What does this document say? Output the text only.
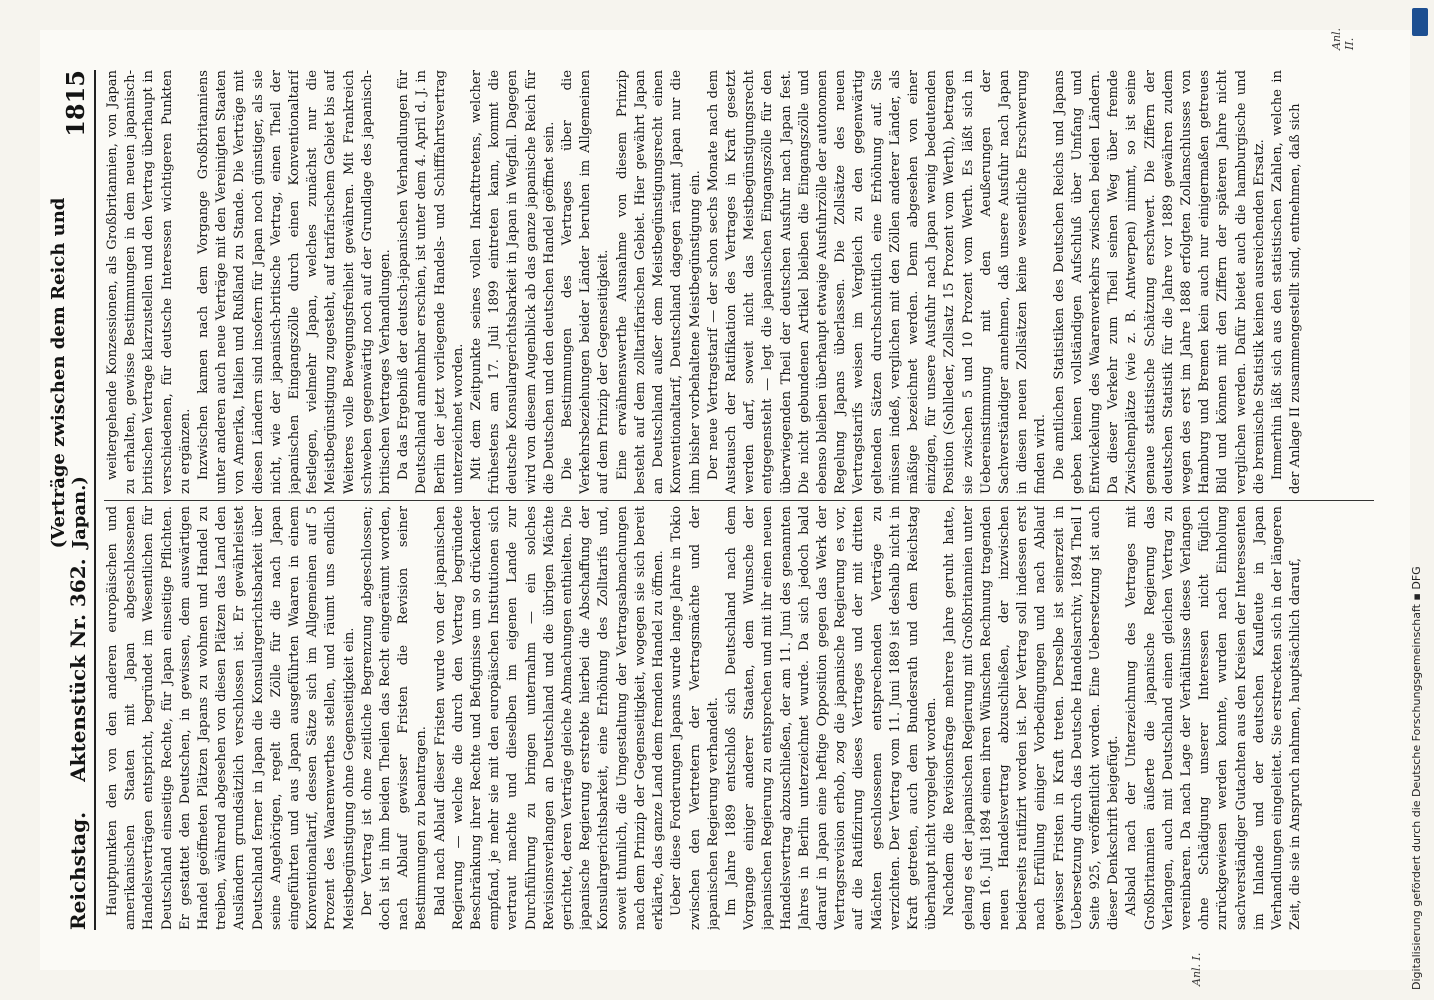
Reichstag.
Aktenstück Nr. 362.
(Verträge zwischen dem Reich und Japan.)
1815

Hauptpunkten den von den anderen europäischen und amerikanischen Staaten mit Japan abgeschlossenen Handelsverträgen entspricht, begründet im Wesentlichen für Deutschland einseitige Rechte, für Japan einseitige Pflichten. Er gestattet den Deutschen, in gewissen, dem auswärtigen Handel geöffneten Plätzen Japans zu wohnen und Handel zu treiben, während abgesehen von diesen Plätzen das Land den Ausländern grundsätzlich verschlossen ist. Er gewährleistet Deutschland ferner in Japan die Konsulargerichtsbarkeit über seine Angehörigen, regelt die Zölle für die nach Japan eingeführten und aus Japan ausgeführten Waaren in einem Konventionaltarif, dessen Sätze sich im Allgemeinen auf 5 Prozent des Waarenwerthes stellen, und räumt uns endlich Meistbegünstigung ohne Gegenseitigkeit ein. Der Vertrag ist ohne zeitliche Begrenzung abgeschlossen; doch ist in ihm beiden Theilen das Recht eingeräumt worden, nach Ablauf gewisser Fristen die Revision seiner Bestimmungen zu beantragen. Bald nach Ablauf dieser Fristen wurde von der japanischen Regierung — welche die durch den Vertrag begründete Beschränkung ihrer Rechte und Befugnisse um so drückender empfand, je mehr sie mit den europäischen Institutionen sich vertraut machte und dieselben im eigenen Lande zur Durchführung zu bringen unternahm — ein solches Revisionsverlangen an Deutschland und die übrigen Mächte gerichtet, deren Verträge gleiche Abmachungen enthielten. Die japanische Regierung erstrebte hierbei die Abschaffung der Konsulargerichtsbarkeit, eine Erhöhung des Zolltarifs und, soweit thunlich, die Umgestaltung der Vertragsabmachungen nach dem Prinzip der Gegenseitigkeit, wogegen sie sich bereit erklärte, das ganze Land dem fremden Handel zu öffnen. Ueber diese Forderungen Japans wurde lange Jahre in Tokio zwischen den Vertretern der Vertragsmächte und der japanischen Regierung verhandelt. Im Jahre 1889 entschloß sich Deutschland nach dem Vorgange einiger anderer Staaten, dem Wunsche der japanischen Regierung zu entsprechen und mit ihr einen neuen Handelsvertrag abzuschließen, der am 11. Juni des genannten Jahres in Berlin unterzeichnet wurde. Da sich jedoch bald darauf in Japan eine heftige Opposition gegen das Werk der Vertragsrevision erhob, zog die japanische Regierung es vor, auf die Ratifizirung dieses Vertrages und der mit dritten Mächten geschlossenen entsprechenden Verträge zu verzichten. Der Vertrag vom 11. Juni 1889 ist deshalb nicht in Kraft getreten, auch dem Bundesrath und dem Reichstag überhaupt nicht vorgelegt worden. Nachdem die Revisionsfrage mehrere Jahre geruht hatte, gelang es der japanischen Regierung mit Großbritannien unter dem 16. Juli 1894 einen ihren Wünschen Rechnung tragenden neuen Handelsvertrag abzuschließen, der inzwischen beiderseits ratifizirt worden ist. Der Vertrag soll indessen erst nach Erfüllung einiger Vorbedingungen und nach Ablauf gewisser Fristen in Kraft treten. Derselbe ist seinerzeit in Uebersetzung durch das Deutsche Handelsarchiv, 1894 Theil I Seite 925, veröffentlicht worden. Eine Uebersetzung ist auch dieser Denkschrift beigefügt. Alsbald nach der Unterzeichnung des Vertrages mit Großbritannien äußerte die japanische Regierung das Verlangen, auch mit Deutschland einen gleichen Vertrag zu vereinbaren. Da nach Lage der Verhältnisse dieses Verlangen ohne Schädigung unserer Interessen nicht füglich zurückgewiesen werden konnte, wurden nach Einholung sachverständiger Gutachten aus den Kreisen der Interessenten im Inlande und der deutschen Kaufleute in Japan Verhandlungen eingeleitet. Sie erstreckten sich in der längeren Zeit, die sie in Anspruch nahmen, hauptsächlich darauf,

weitergehende Konzessionen, als Großbritannien, von Japan zu erhalten, gewisse Bestimmungen in dem neuen japanisch-britischen Vertrage klarzustellen und den Vertrag überhaupt in verschiedenen, für deutsche Interessen wichtigeren Punkten zu ergänzen. Inzwischen kamen nach dem Vorgange Großbritanniens unter anderen auch neue Verträge mit den Vereinigten Staaten von Amerika, Italien und Rußland zu Stande. Die Verträge mit diesen Ländern sind insofern für Japan noch günstiger, als sie nicht, wie der japanisch-britische Vertrag, einen Theil der japanischen Eingangszölle durch einen Konventionaltarif festlegen, vielmehr Japan, welches zunächst nur die Meistbegünstigung zugesteht, auf tarifarischem Gebiet bis auf Weiteres volle Bewegungsfreiheit gewähren. Mit Frankreich schweben gegenwärtig noch auf der Grundlage des japanisch-britischen Vertrages Verhandlungen. Da das Ergebniß der deutsch-japanischen Verhandlungen für Deutschland annehmbar erschien, ist unter dem 4. April d. J. in Berlin der jetzt vorliegende Handels- und Schifffahrtsvertrag unterzeichnet worden. Mit dem Zeitpunkte seines vollen Inkrafttretens, welcher frühestens am 17. Juli 1899 eintreten kann, kommt die deutsche Konsulargerichtsbarkeit in Japan in Wegfall. Dagegen wird von diesem Augenblick ab das ganze japanische Reich für die Deutschen und den deutschen Handel geöffnet sein. Die Bestimmungen des Vertrages über die Verkehrsbeziehungen beider Länder beruhen im Allgemeinen auf dem Prinzip der Gegenseitigkeit. Eine erwähnenswerthe Ausnahme von diesem Prinzip besteht auf dem zolltarifarischen Gebiet. Hier gewährt Japan an Deutschland außer dem Meistbegünstigungsrecht einen Konventionaltarif, Deutschland dagegen räumt Japan nur die ihm bisher vorbehaltene Meistbegünstigung ein. Der neue Vertragstarif — der schon sechs Monate nach dem Austausch der Ratifikation des Vertrages in Kraft gesetzt werden darf, soweit nicht das Meistbegünstigungsrecht entgegensteht — legt die japanischen Eingangszölle für den überwiegenden Theil der deutschen Ausfuhr nach Japan fest. Die nicht gebundenen Artikel bleiben die Eingangszölle und ebenso bleiben überhaupt etwaige Ausfuhrzölle der autonomen Regelung Japans überlassen. Die Zollsätze des neuen Vertragstarifs weisen im Vergleich zu den gegenwärtig geltenden Sätzen durchschnittlich eine Erhöhung auf. Sie müssen indeß, verglichen mit den Zöllen anderer Länder, als mäßige bezeichnet werden. Denn abgesehen von einer einzigen, für unsere Ausfuhr nach Japan wenig bedeutenden Position (Sohlleder, Zollsatz 15 Prozent vom Werth), betragen sie zwischen 5 und 10 Prozent vom Werth. Es läßt sich in Uebereinstimmung mit den Aeußerungen der Sachverständiger annehmen, daß unsere Ausfuhr nach Japan in diesen neuen Zollsätzen keine wesentliche Erschwerung finden wird. Die amtlichen Statistiken des Deutschen Reichs und Japans geben keinen vollständigen Aufschluß über Umfang und Entwickelung des Waarenverkehrs zwischen beiden Ländern. Da dieser Verkehr zum Theil seinen Weg über fremde Zwischenplätze (wie z. B. Antwerpen) nimmt, so ist seine genaue statistische Schätzung erschwert. Die Ziffern der deutschen Statistik für die Jahre vor 1889 gewähren zudem wegen des erst im Jahre 1888 erfolgten Zollanschlusses von Hamburg und Bremen kein auch nur einigermaßen getreues Bild und können mit den Ziffern der späteren Jahre nicht verglichen werden. Dafür bietet auch die hamburgische und die bremische Statistik keinen ausreichenden Ersatz. Immerhin läßt sich aus den statistischen Zahlen, welche in der Anlage II zusammengestellt sind, entnehmen, daß sich

Anl. I.
Anl. II.
Digitalisierung gefördert durch die Deutsche Forschungsgemeinschaft ▪ DFG
